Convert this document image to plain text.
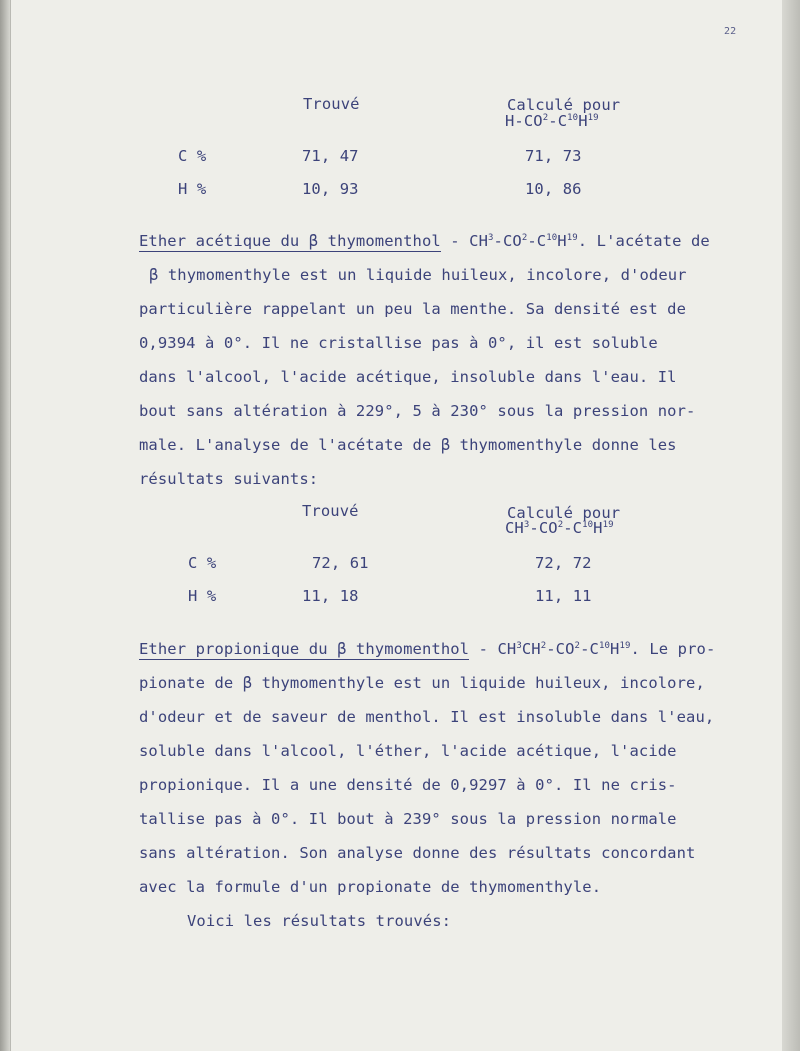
22
Trouvé	Calculé pour
$H-CO^2-C^{10}H^{19}$
C %	71, 47	71, 73
H %	10, 93	10, 86
Ether acétique du β thymomenthol - $CH^3-CO^2-C^{10}H^{19}$. L'acétate de
β thymomenthyle est un liquide huileux, incolore, d'odeur
particulière rappelant un peu la menthe. Sa densité est de
0,9394 à 0°. Il ne cristallise pas à 0°, il est soluble
dans l'alcool, l'acide acétique, insoluble dans l'eau. Il
bout sans altération à 229°, 5 à 230° sous la pression nor-
male. L'analyse de l'acétate de β thymomenthyle donne les
résultats suivants:
Trouvé	Calculé pour
$CH^3-CO^2-C^{10}H^{19}$
C %	72, 61	72, 72
H %	11, 18	11, 11
Ether propionique du β thymomenthol - $CH^3CH^2-CO^2-C^{10}H^{19}$. Le pro-
pionate de β thymomenthyle est un liquide huileux, incolore,
d'odeur et de saveur de menthol. Il est insoluble dans l'eau,
soluble dans l'alcool, l'éther, l'acide acétique, l'acide
propionique. Il a une densité de 0,9297 à 0°. Il ne cris-
tallise pas à 0°. Il bout à 239° sous la pression normale
sans altération. Son analyse donne des résultats concordant
avec la formule d'un propionate de thymomenthyle.
Voici les résultats trouvés:
